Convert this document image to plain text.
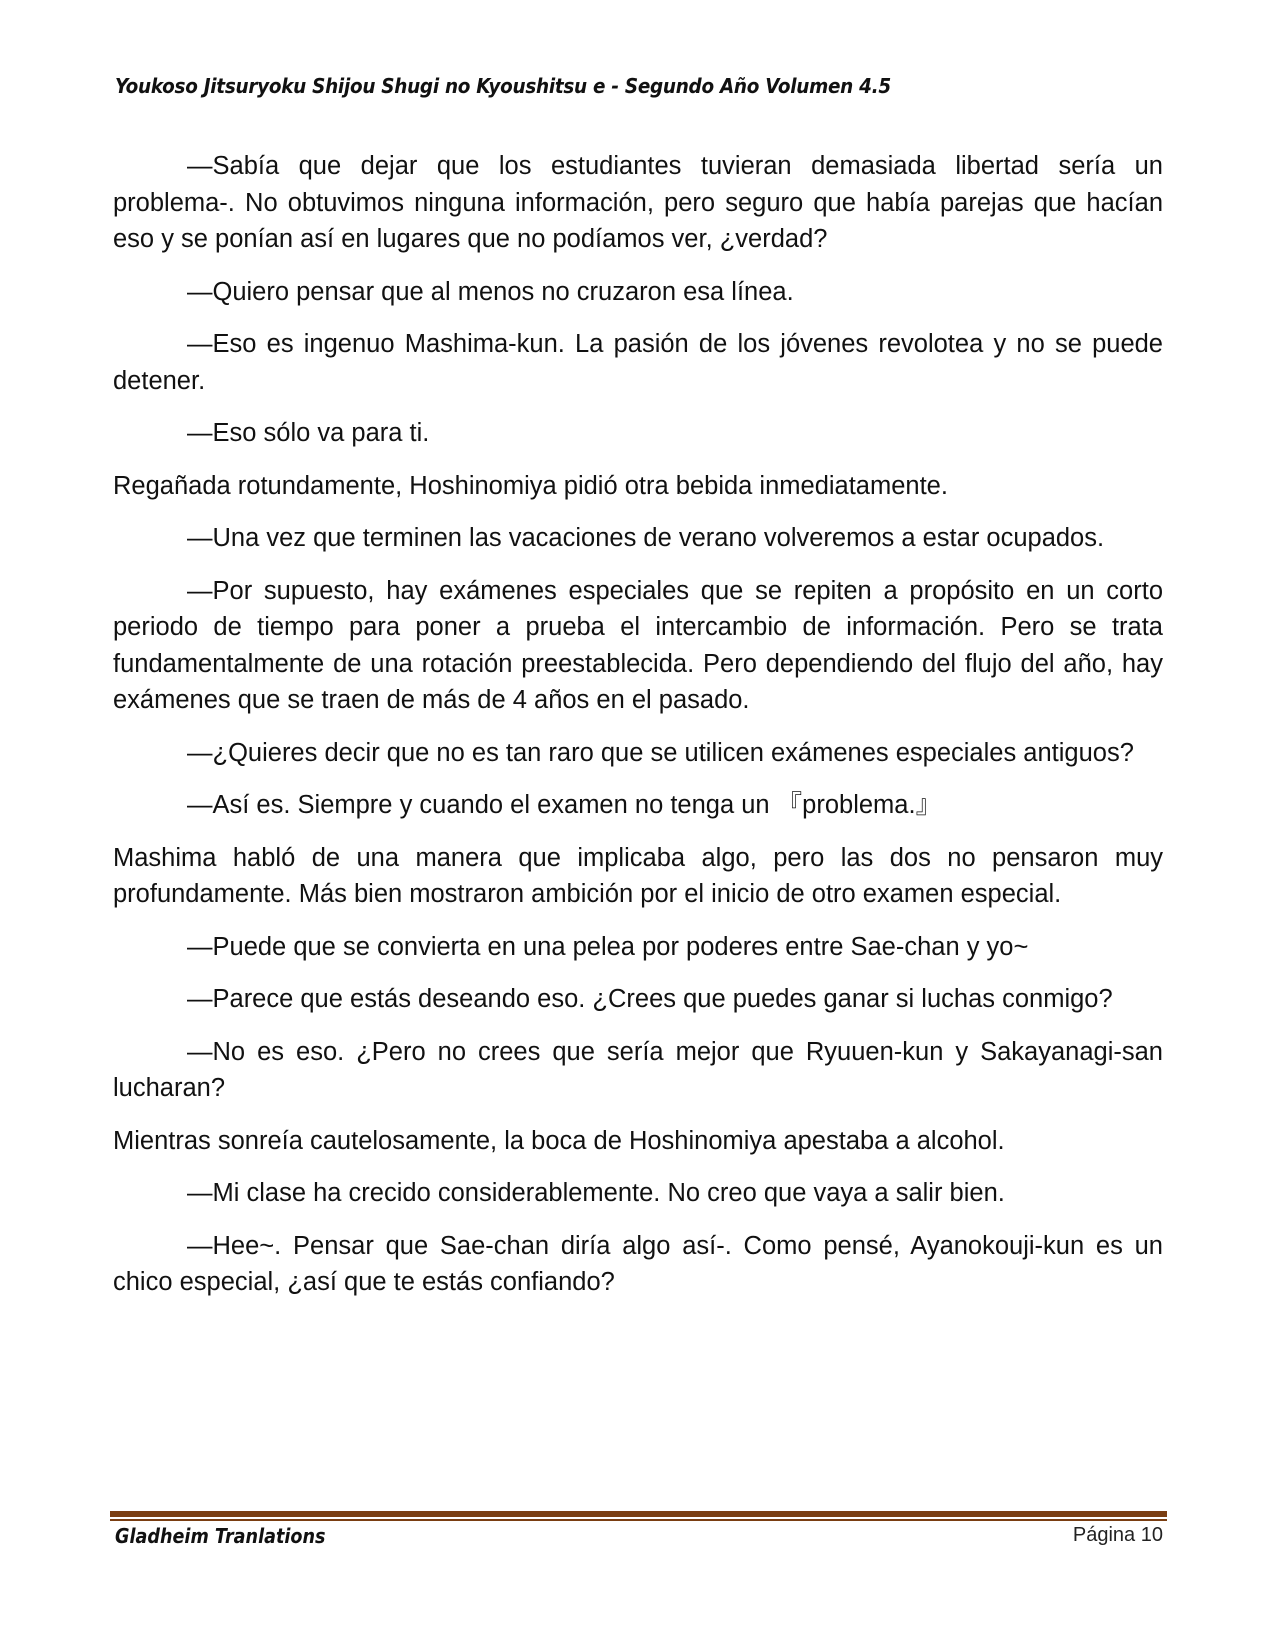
Youkoso Jitsuryoku Shijou Shugi no Kyoushitsu e - Segundo Año Volumen 4.5

—Sabía que dejar que los estudiantes tuvieran demasiada libertad sería un problema-. No obtuvimos ninguna información, pero seguro que había parejas que hacían eso y se ponían así en lugares que no podíamos ver, ¿verdad?

—Quiero pensar que al menos no cruzaron esa línea.

—Eso es ingenuo Mashima-kun. La pasión de los jóvenes revolotea y no se puede detener.

—Eso sólo va para ti.

Regañada rotundamente, Hoshinomiya pidió otra bebida inmediatamente.

—Una vez que terminen las vacaciones de verano volveremos a estar ocupados.

—Por supuesto, hay exámenes especiales que se repiten a propósito en un corto periodo de tiempo para poner a prueba el intercambio de información. Pero se trata fundamentalmente de una rotación preestablecida. Pero dependiendo del flujo del año, hay exámenes que se traen de más de 4 años en el pasado.

—¿Quieres decir que no es tan raro que se utilicen exámenes especiales antiguos?

—Así es. Siempre y cuando el examen no tenga un 『problema.』

Mashima habló de una manera que implicaba algo, pero las dos no pensaron muy profundamente. Más bien mostraron ambición por el inicio de otro examen especial.

—Puede que se convierta en una pelea por poderes entre Sae-chan y yo~

—Parece que estás deseando eso. ¿Crees que puedes ganar si luchas conmigo?

—No es eso. ¿Pero no crees que sería mejor que Ryuuen-kun y Sakayanagi-san lucharan?

Mientras sonreía cautelosamente, la boca de Hoshinomiya apestaba a alcohol.

—Mi clase ha crecido considerablemente. No creo que vaya a salir bien.

—Hee~. Pensar que Sae-chan diría algo así-. Como pensé, Ayanokouji-kun es un chico especial, ¿así que te estás confiando?

Gladheim Tranlations	Página 10
